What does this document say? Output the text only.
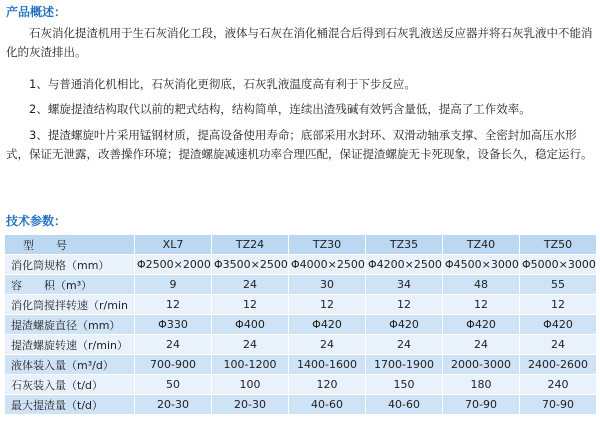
产品概述：

石灰消化提渣机用于生石灰消化工段，液体与石灰在消化桶混合后得到石灰乳液送反应器并将石灰乳液中不能消化的灰渣排出。

1、与普通消化机相比，石灰消化更彻底，石灰乳液温度高有利于下步反应。

2、螺旋提渣结构取代以前的耙式结构，结构简单，连续出渣残碱有效钙含量低，提高了工作效率。

3、提渣螺旋叶片采用锰钢材质，提高设备使用寿命；底部采用水封环、双滑动轴承支撑、全密封加高压水形式，保证无泄露，改善操作环境；提渣螺旋减速机功率合理匹配，保证提渣螺旋无卡死现象，设备长久，稳定运行。

技术参数：
型　　号	XL7	TZ24	TZ30	TZ35	TZ40	TZ50
消化筒规格（mm）	Φ2500×2000	Φ3500×2500	Φ4000×2500	Φ4200×2500	Φ4500×3000	Φ5000×3000
容　　积（m³）	9	24	30	34	48	55
消化筒搅拌转速（r/min	12	12	12	12	12	12
提渣螺旋直径（mm）	Φ330	Φ400	Φ420	Φ420	Φ420	Φ420
提渣螺旋转速（r/min）	24	24	24	24	24	24
液体装入量（m³/d）	700-900	100-1200	1400-1600	1700-1900	2000-3000	2400-2600
石灰装入量（t/d）	50	100	120	150	180	240
最大提渣量（t/d）	20-30	20-30	40-60	40-60	70-90	70-90
